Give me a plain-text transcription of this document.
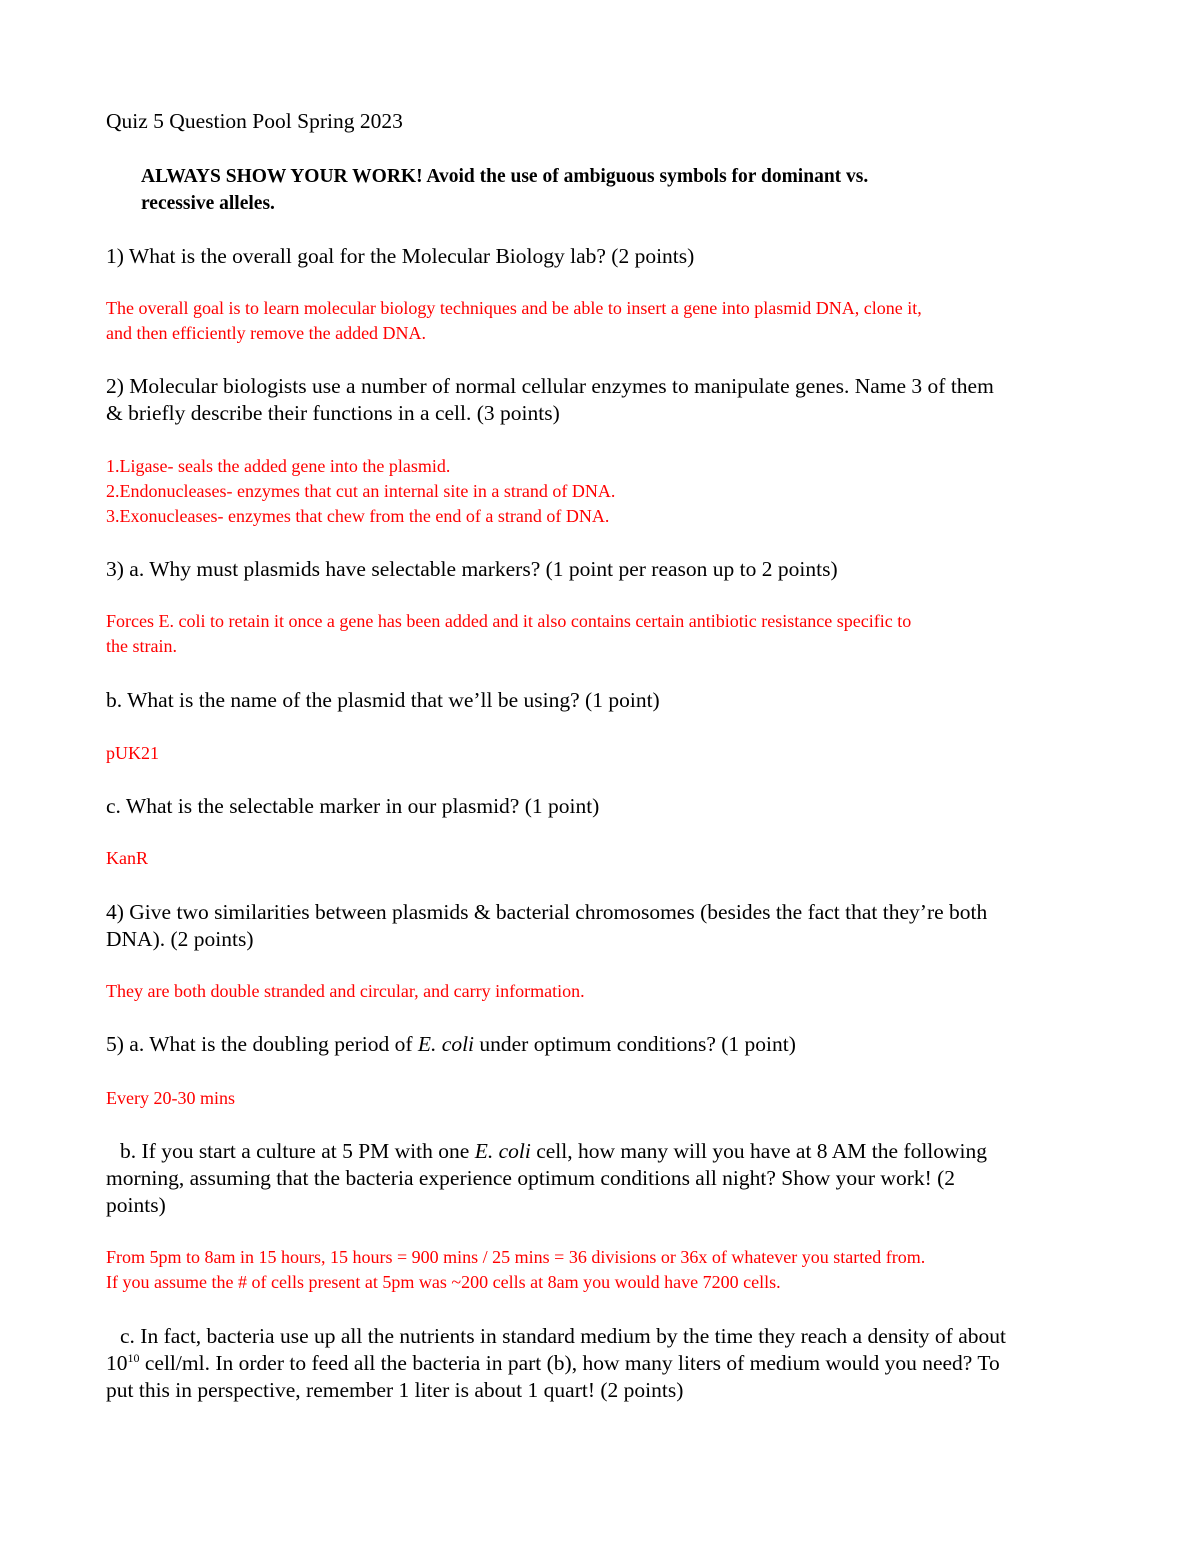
Quiz 5 Question Pool Spring 2023
ALWAYS SHOW YOUR WORK! Avoid the use of ambiguous symbols for dominant vs.
recessive alleles.
1) What is the overall goal for the Molecular Biology lab? (2 points)
The overall goal is to learn molecular biology techniques and be able to insert a gene into plasmid DNA, clone it,
and then efficiently remove the added DNA.
2) Molecular biologists use a number of normal cellular enzymes to manipulate genes. Name 3 of them
& briefly describe their functions in a cell. (3 points)
1.Ligase- seals the added gene into the plasmid.
2.Endonucleases- enzymes that cut an internal site in a strand of DNA.
3.Exonucleases- enzymes that chew from the end of a strand of DNA.
3) a. Why must plasmids have selectable markers? (1 point per reason up to 2 points)
Forces E. coli to retain it once a gene has been added and it also contains certain antibiotic resistance specific to
the strain.
b. What is the name of the plasmid that we’ll be using? (1 point)
pUK21
c. What is the selectable marker in our plasmid? (1 point)
KanR
4) Give two similarities between plasmids & bacterial chromosomes (besides the fact that they’re both
DNA). (2 points)
They are both double stranded and circular, and carry information.
5) a. What is the doubling period of E. coli under optimum conditions? (1 point)
Every 20-30 mins
b. If you start a culture at 5 PM with one E. coli cell, how many will you have at 8 AM the following
morning, assuming that the bacteria experience optimum conditions all night? Show your work! (2
points)
From 5pm to 8am in 15 hours, 15 hours = 900 mins / 25 mins = 36 divisions or 36x of whatever you started from.
If you assume the # of cells present at 5pm was ~200 cells at 8am you would have 7200 cells.
c. In fact, bacteria use up all the nutrients in standard medium by the time they reach a density of about
$10^{10}$ cell/ml. In order to feed all the bacteria in part (b), how many liters of medium would you need? To
put this in perspective, remember 1 liter is about 1 quart! (2 points)
